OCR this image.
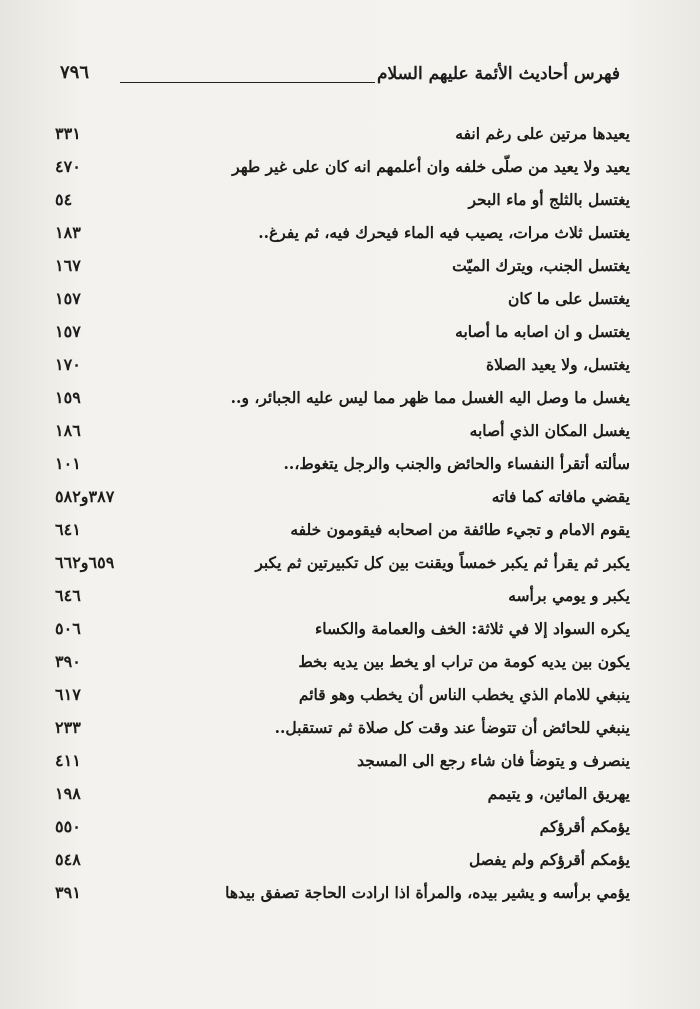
فهرس أحاديث الأئمة عليهم السلام
٧٩٦
يعيدها مرتين على رغم انفه
٣٣١
يعيد ولا يعيد من صلّى خلفه وان أعلمهم انه كان على غير طهر
٤٧٠
يغتسل بالثلج أو ماء البحر
٥٤
يغتسل ثلاث مرات، يصيب فيه الماء فيحرك فيه، ثم يفرغ..
١٨٣
يغتسل الجنب، ويترك الميّت
١٦٧
يغتسل على ما كان
١٥٧
يغتسل و ان اصابه ما أصابه
١٥٧
يغتسل، ولا يعيد الصلاة
١٧٠
يغسل ما وصل اليه الغسل مما ظهر مما ليس عليه الجبائر، و..
١٥٩
يغسل المكان الذي أصابه
١٨٦
سألته أتقرأ النفساء والحائض والجنب والرجل يتغوط،..
١٠١
يقضي مافاته كما فاته
٣٨٧و٥٨٢
يقوم الامام و تجيء طائفة من اصحابه فيقومون خلفه
٦٤١
يكبر ثم يقرأ ثم يكبر خمساً ويقنت بين كل تكبيرتين ثم يكبر
٦٥٩و٦٦٢
يكبر و يومي برأسه
٦٤٦
يكره السواد إلا في ثلاثة: الخف والعمامة والكساء
٥٠٦
يكون بين يديه كومة من تراب او يخط بين يديه بخط
٣٩٠
ينبغي للامام الذي يخطب الناس أن يخطب وهو قائم
٦١٧
ينبغي للحائض أن تتوضأ عند وقت كل صلاة ثم تستقبل..
٢٣٣
ينصرف و يتوضأ فان شاء رجع الى المسجد
٤١١
يهريق المائين، و يتيمم
١٩٨
يؤمكم أقرؤكم
٥٥٠
يؤمكم أقرؤكم ولم يفصل
٥٤٨
يؤمي برأسه و يشير بيده، والمرأة اذا ارادت الحاجة تصفق بيدها
٣٩١
